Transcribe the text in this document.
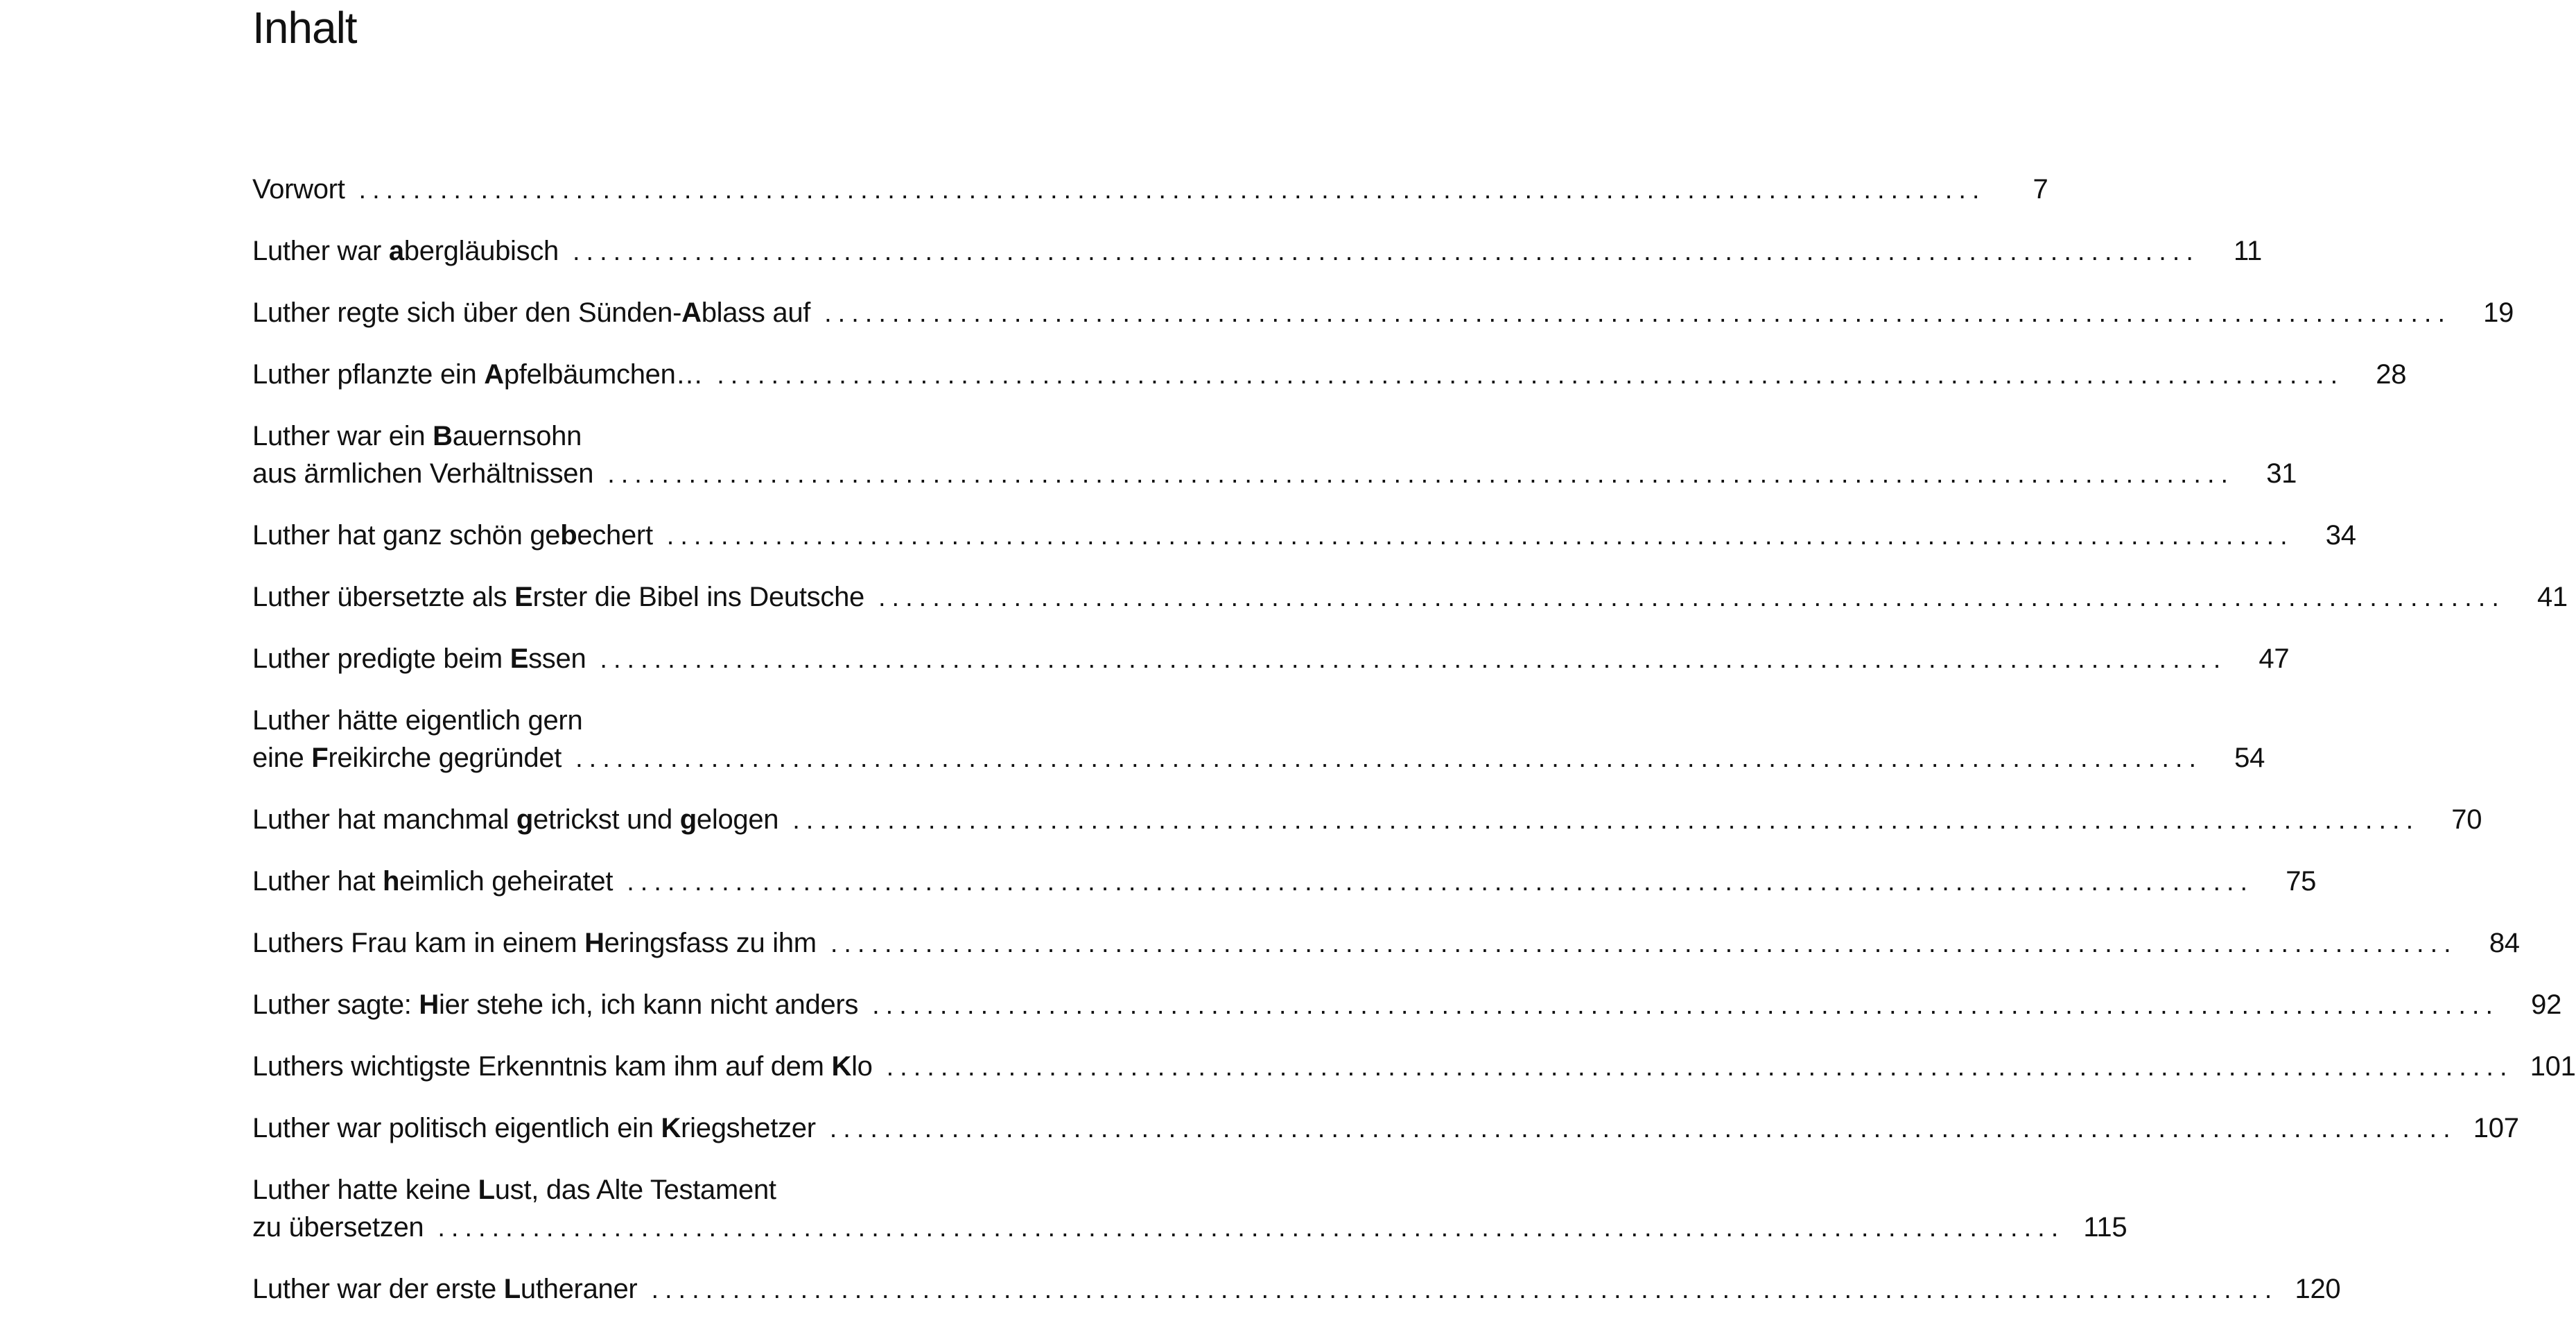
Inhalt
Vorwort ........................................................................................................................	7
Luther war abergläubisch ........................................................................................................................	11
Luther regte sich über den Sünden-Ablass auf ........................................................................................................................	19
Luther pflanzte ein Apfelbäumchen… ........................................................................................................................	28
Luther war ein Bauernsohn
aus ärmlichen Verhältnissen ........................................................................................................................	31
Luther hat ganz schön gebechert ........................................................................................................................	34
Luther übersetzte als Erster die Bibel ins Deutsche ........................................................................................................................	41
Luther predigte beim Essen ........................................................................................................................	47
Luther hätte eigentlich gern
eine Freikirche gegründet ........................................................................................................................	54
Luther hat manchmal getrickst und gelogen ........................................................................................................................	70
Luther hat heimlich geheiratet ........................................................................................................................	75
Luthers Frau kam in einem Heringsfass zu ihm ........................................................................................................................	84
Luther sagte: Hier stehe ich, ich kann nicht anders ........................................................................................................................	92
Luthers wichtigste Erkenntnis kam ihm auf dem Klo ........................................................................................................................ 101
Luther war politisch eigentlich ein Kriegshetzer ........................................................................................................................ 107
Luther hatte keine Lust, das Alte Testament
zu übersetzen ........................................................................................................................ 115
Luther war der erste Lutheraner ........................................................................................................................ 120
